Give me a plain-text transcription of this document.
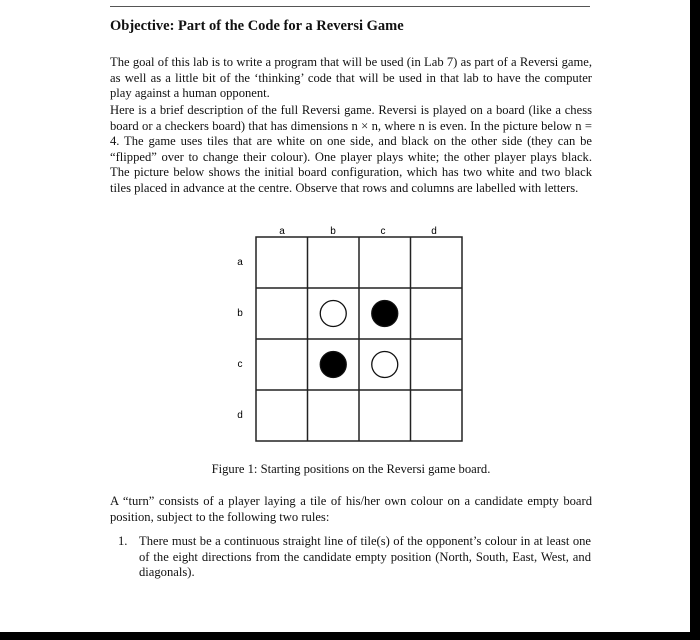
Objective: Part of the Code for a Reversi Game

The goal of this lab is to write a program that will be used (in Lab 7) as part of a Reversi game, as well as a little bit of the ‘thinking’ code that will be used in that lab to have the computer play against a human opponent.

Here is a brief description of the full Reversi game. Reversi is played on a board (like a chess board or a checkers board) that has dimensions n × n, where n is even. In the picture below n = 4. The game uses tiles that are white on one side, and black on the other side (they can be “flipped” over to change their colour). One player plays white; the other player plays black. The picture below shows the initial board configuration, which has two white and two black tiles placed in advance at the centre. Observe that rows and columns are labelled with letters.

a	b	c	d
a
b
c
d

Figure 1: Starting positions on the Reversi game board.

A “turn” consists of a player laying a tile of his/her own colour on a candidate empty board position, subject to the following two rules:

1. There must be a continuous straight line of tile(s) of the opponent’s colour in at least one of the eight directions from the candidate empty position (North, South, East, West, and diagonals).
